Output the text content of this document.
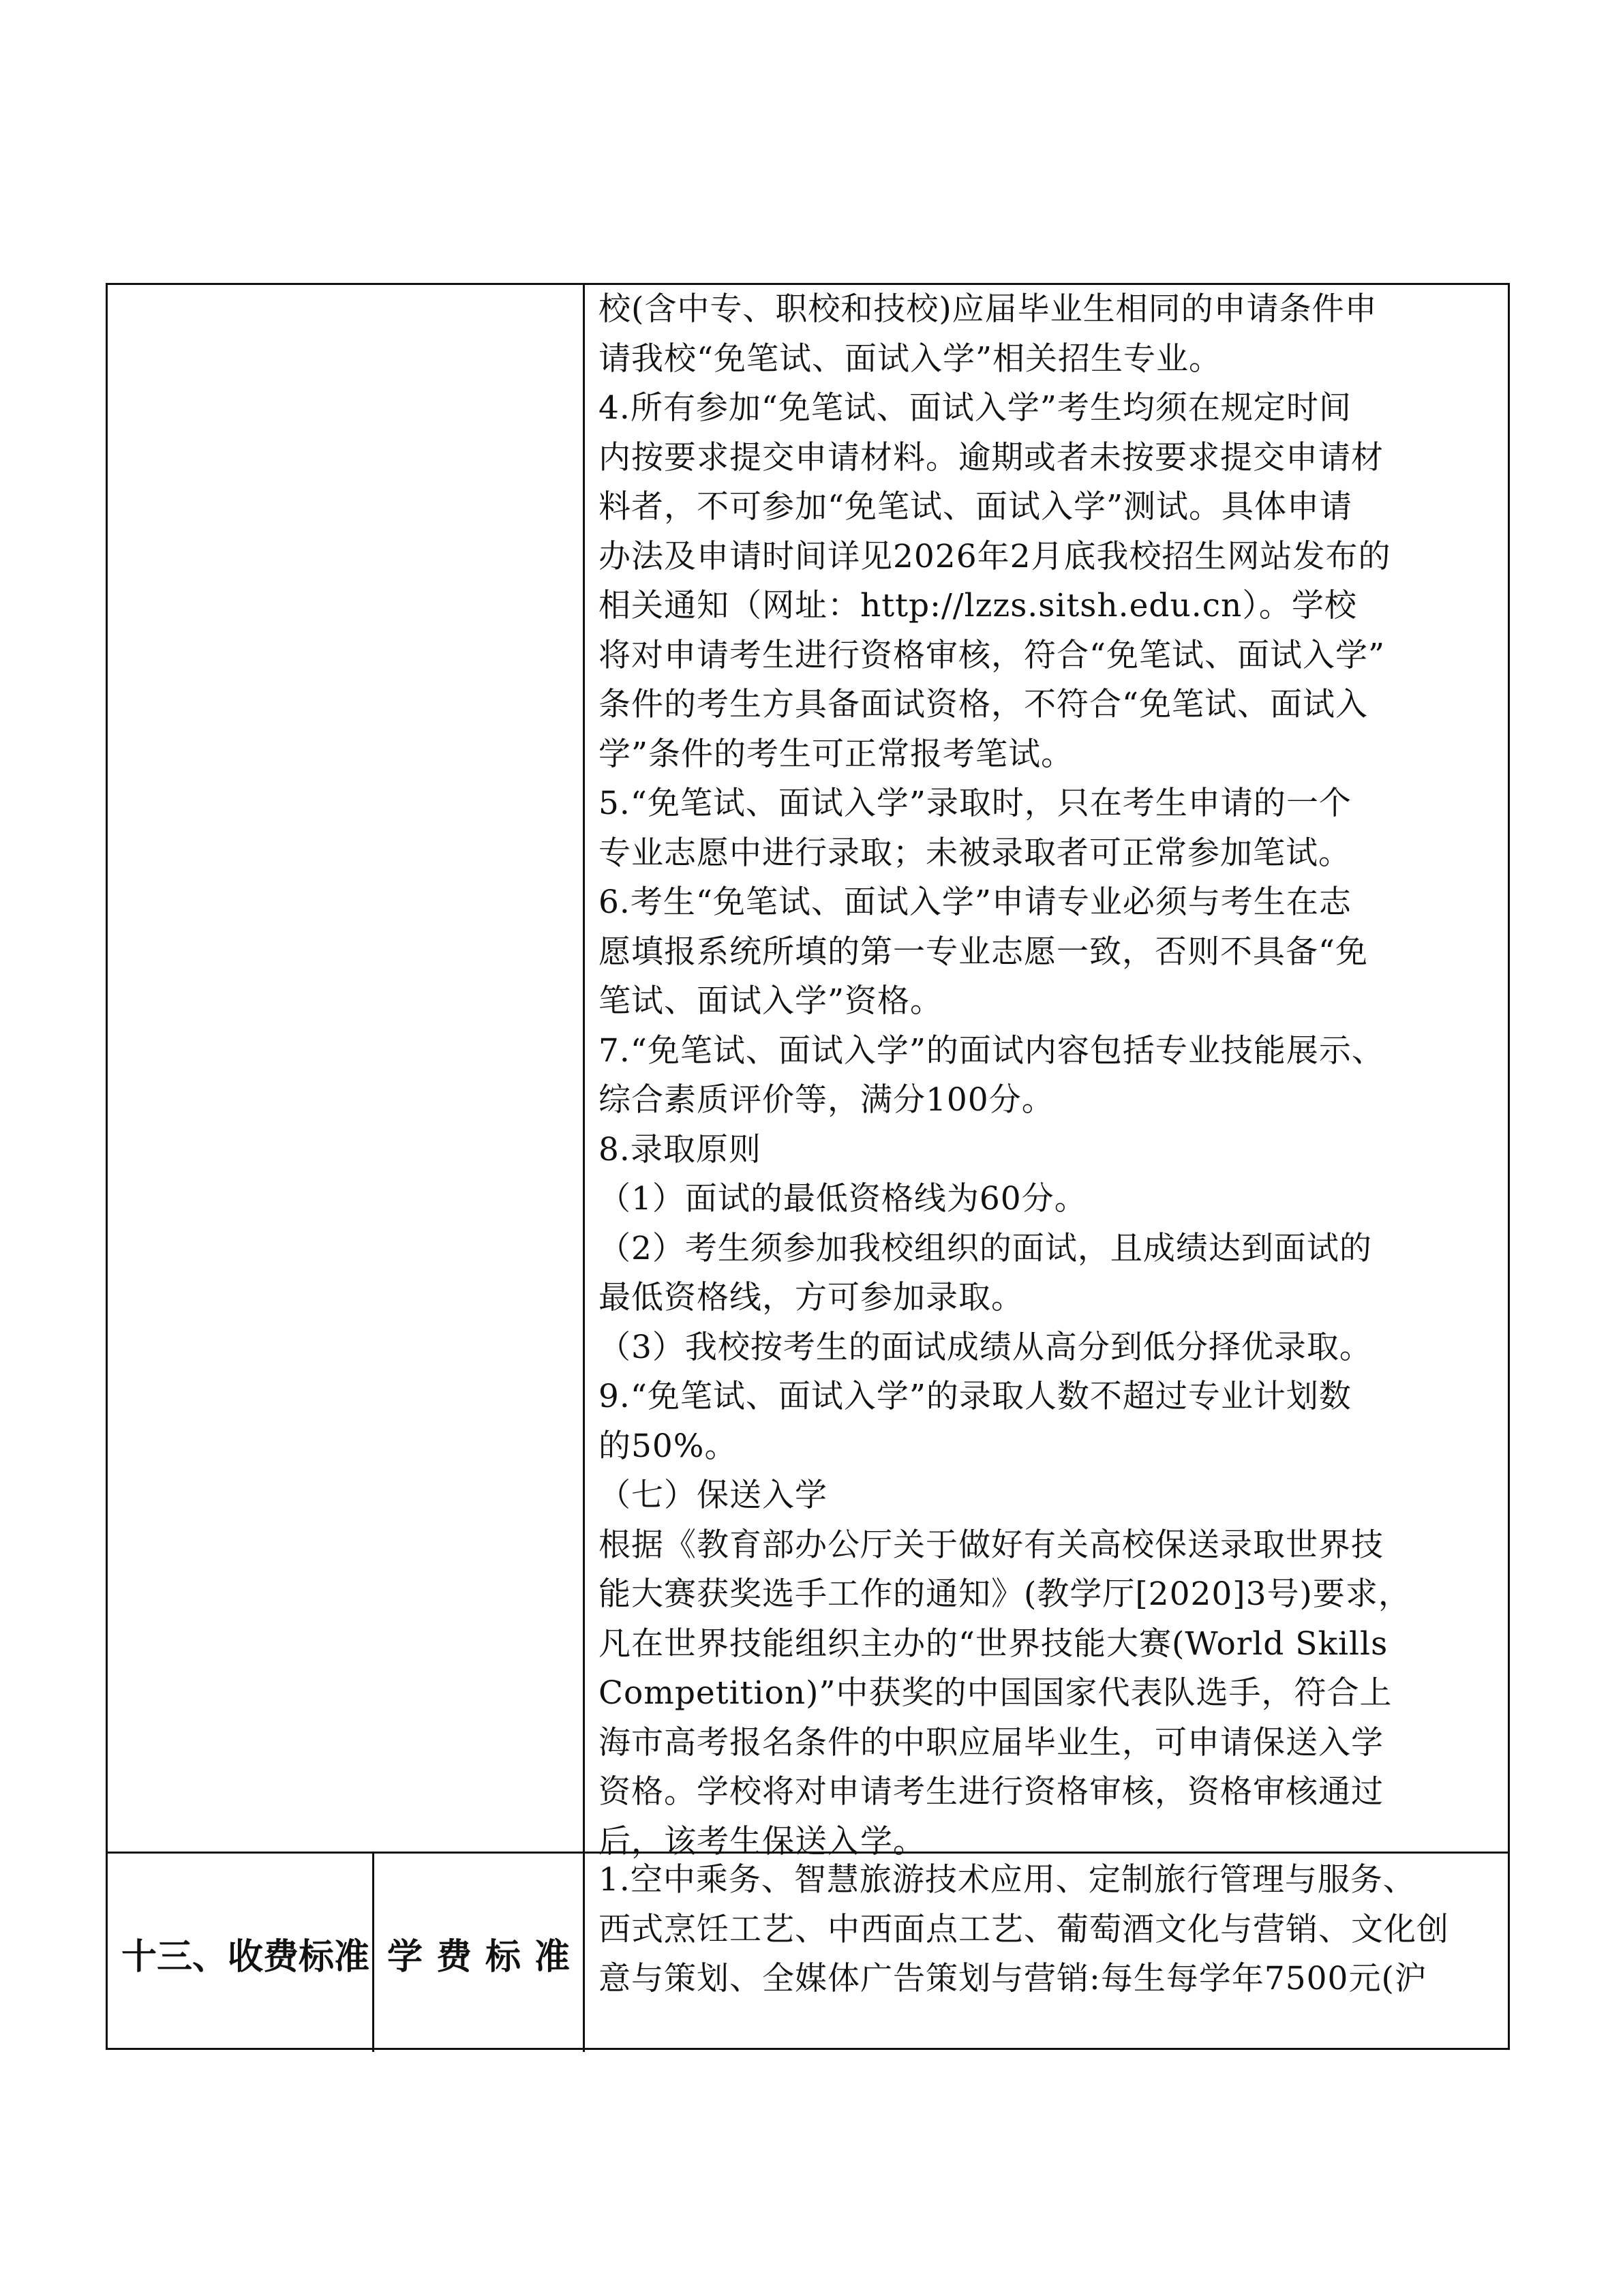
校(含中专、职校和技校)应届毕业生相同的申请条件申

请我校“免笔试、面试入学”相关招生专业。

4.所有参加“免笔试、面试入学”考生均须在规定时间

内按要求提交申请材料。逾期或者未按要求提交申请材

料者，不可参加“免笔试、面试入学”测试。具体申请

办法及申请时间详见2026年2月底我校招生网站发布的

相关通知（网址：http://lzzs.sitsh.edu.cn）。学校

将对申请考生进行资格审核，符合“免笔试、面试入学”

条件的考生方具备面试资格，不符合“免笔试、面试入

学”条件的考生可正常报考笔试。

5.“免笔试、面试入学”录取时，只在考生申请的一个

专业志愿中进行录取；未被录取者可正常参加笔试。

6.考生“免笔试、面试入学”申请专业必须与考生在志

愿填报系统所填的第一专业志愿一致，否则不具备“免

笔试、面试入学”资格。

7.“免笔试、面试入学”的面试内容包括专业技能展示、

综合素质评价等，满分100分。

8.录取原则

（1）面试的最低资格线为60分。

（2）考生须参加我校组织的面试，且成绩达到面试的

最低资格线，方可参加录取。

（3）我校按考生的面试成绩从高分到低分择优录取。

9.“免笔试、面试入学”的录取人数不超过专业计划数

的50%。

（七）保送入学

根据《教育部办公厅关于做好有关高校保送录取世界技

能大赛获奖选手工作的通知》(教学厅[2020]3号)要求，

凡在世界技能组织主办的“世界技能大赛(World Skills

Competition)”中获奖的中国国家代表队选手，符合上

海市高考报名条件的中职应届毕业生，可申请保送入学

资格。学校将对申请考生进行资格审核，资格审核通过

后，该考生保送入学。

十三、收费标准 学费标准

1.空中乘务、智慧旅游技术应用、定制旅行管理与服务、

西式烹饪工艺、中西面点工艺、葡萄酒文化与营销、文化创

意与策划、全媒体广告策划与营销:每生每学年7500元(沪
